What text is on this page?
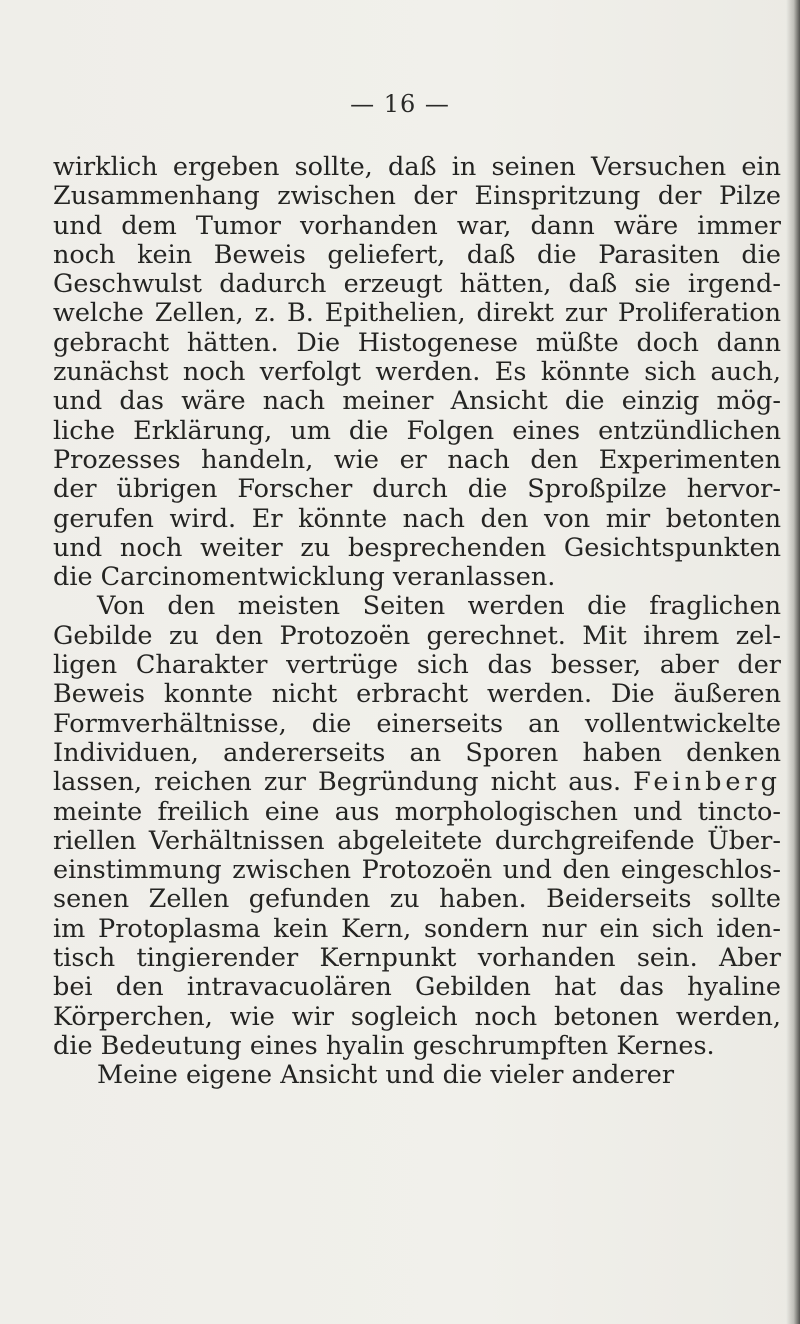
— 16 —
wirklich ergeben sollte, daß in seinen Versuchen ein
Zusammenhang zwischen der Einspritzung der Pilze
und dem Tumor vorhanden war, dann wäre immer
noch kein Beweis geliefert, daß die Parasiten die
Geschwulst dadurch erzeugt hätten, daß sie irgend-
welche Zellen, z. B. Epithelien, direkt zur Proliferation
gebracht hätten. Die Histogenese müßte doch dann
zunächst noch verfolgt werden. Es könnte sich auch,
und das wäre nach meiner Ansicht die einzig mög-
liche Erklärung, um die Folgen eines entzündlichen
Prozesses handeln, wie er nach den Experimenten
der übrigen Forscher durch die Sproßpilze hervor-
gerufen wird. Er könnte nach den von mir betonten
und noch weiter zu besprechenden Gesichtspunkten
die Carcinomentwicklung veranlassen.
Von den meisten Seiten werden die fraglichen
Gebilde zu den Protozoën gerechnet. Mit ihrem zel-
ligen Charakter vertrüge sich das besser, aber der
Beweis konnte nicht erbracht werden. Die äußeren
Formverhältnisse, die einerseits an vollentwickelte
Individuen, andererseits an Sporen haben denken
lassen, reichen zur Begründung nicht aus. Feinberg
meinte freilich eine aus morphologischen und tincto-
riellen Verhältnissen abgeleitete durchgreifende Über-
einstimmung zwischen Protozoën und den eingeschlos-
senen Zellen gefunden zu haben. Beiderseits sollte
im Protoplasma kein Kern, sondern nur ein sich iden-
tisch tingierender Kernpunkt vorhanden sein. Aber
bei den intravacuolären Gebilden hat das hyaline
Körperchen, wie wir sogleich noch betonen werden,
die Bedeutung eines hyalin geschrumpften Kernes.
Meine eigene Ansicht und die vieler anderer
